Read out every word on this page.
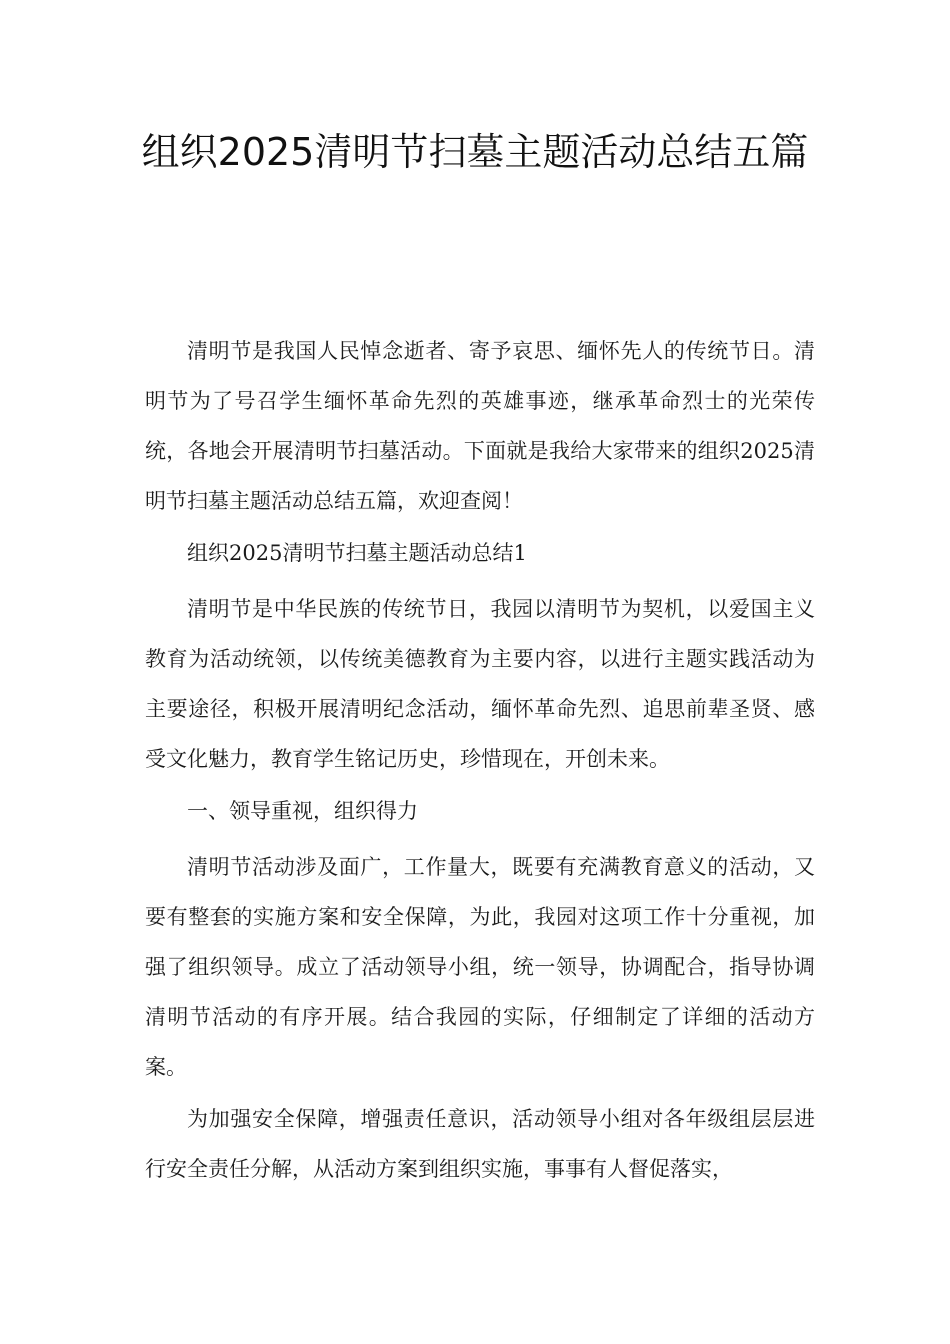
组织2025清明节扫墓主题活动总结五篇

清明节是我国人民悼念逝者、寄予哀思、缅怀先人的传统节日。清明节为了号召学生缅怀革命先烈的英雄事迹，继承革命烈士的光荣传统，各地会开展清明节扫墓活动。下面就是我给大家带来的组织2025清明节扫墓主题活动总结五篇，欢迎查阅！

组织2025清明节扫墓主题活动总结1

清明节是中华民族的传统节日，我园以清明节为契机，以爱国主义教育为活动统领，以传统美德教育为主要内容，以进行主题实践活动为主要途径，积极开展清明纪念活动，缅怀革命先烈、追思前辈圣贤、感受文化魅力，教育学生铭记历史，珍惜现在，开创未来。

一、领导重视，组织得力

清明节活动涉及面广，工作量大，既要有充满教育意义的活动，又要有整套的实施方案和安全保障，为此，我园对这项工作十分重视，加强了组织领导。成立了活动领导小组，统一领导，协调配合，指导协调清明节活动的有序开展。结合我园的实际，仔细制定了详细的活动方案。

为加强安全保障，增强责任意识，活动领导小组对各年级组层层进行安全责任分解，从活动方案到组织实施，事事有人督促落实，
